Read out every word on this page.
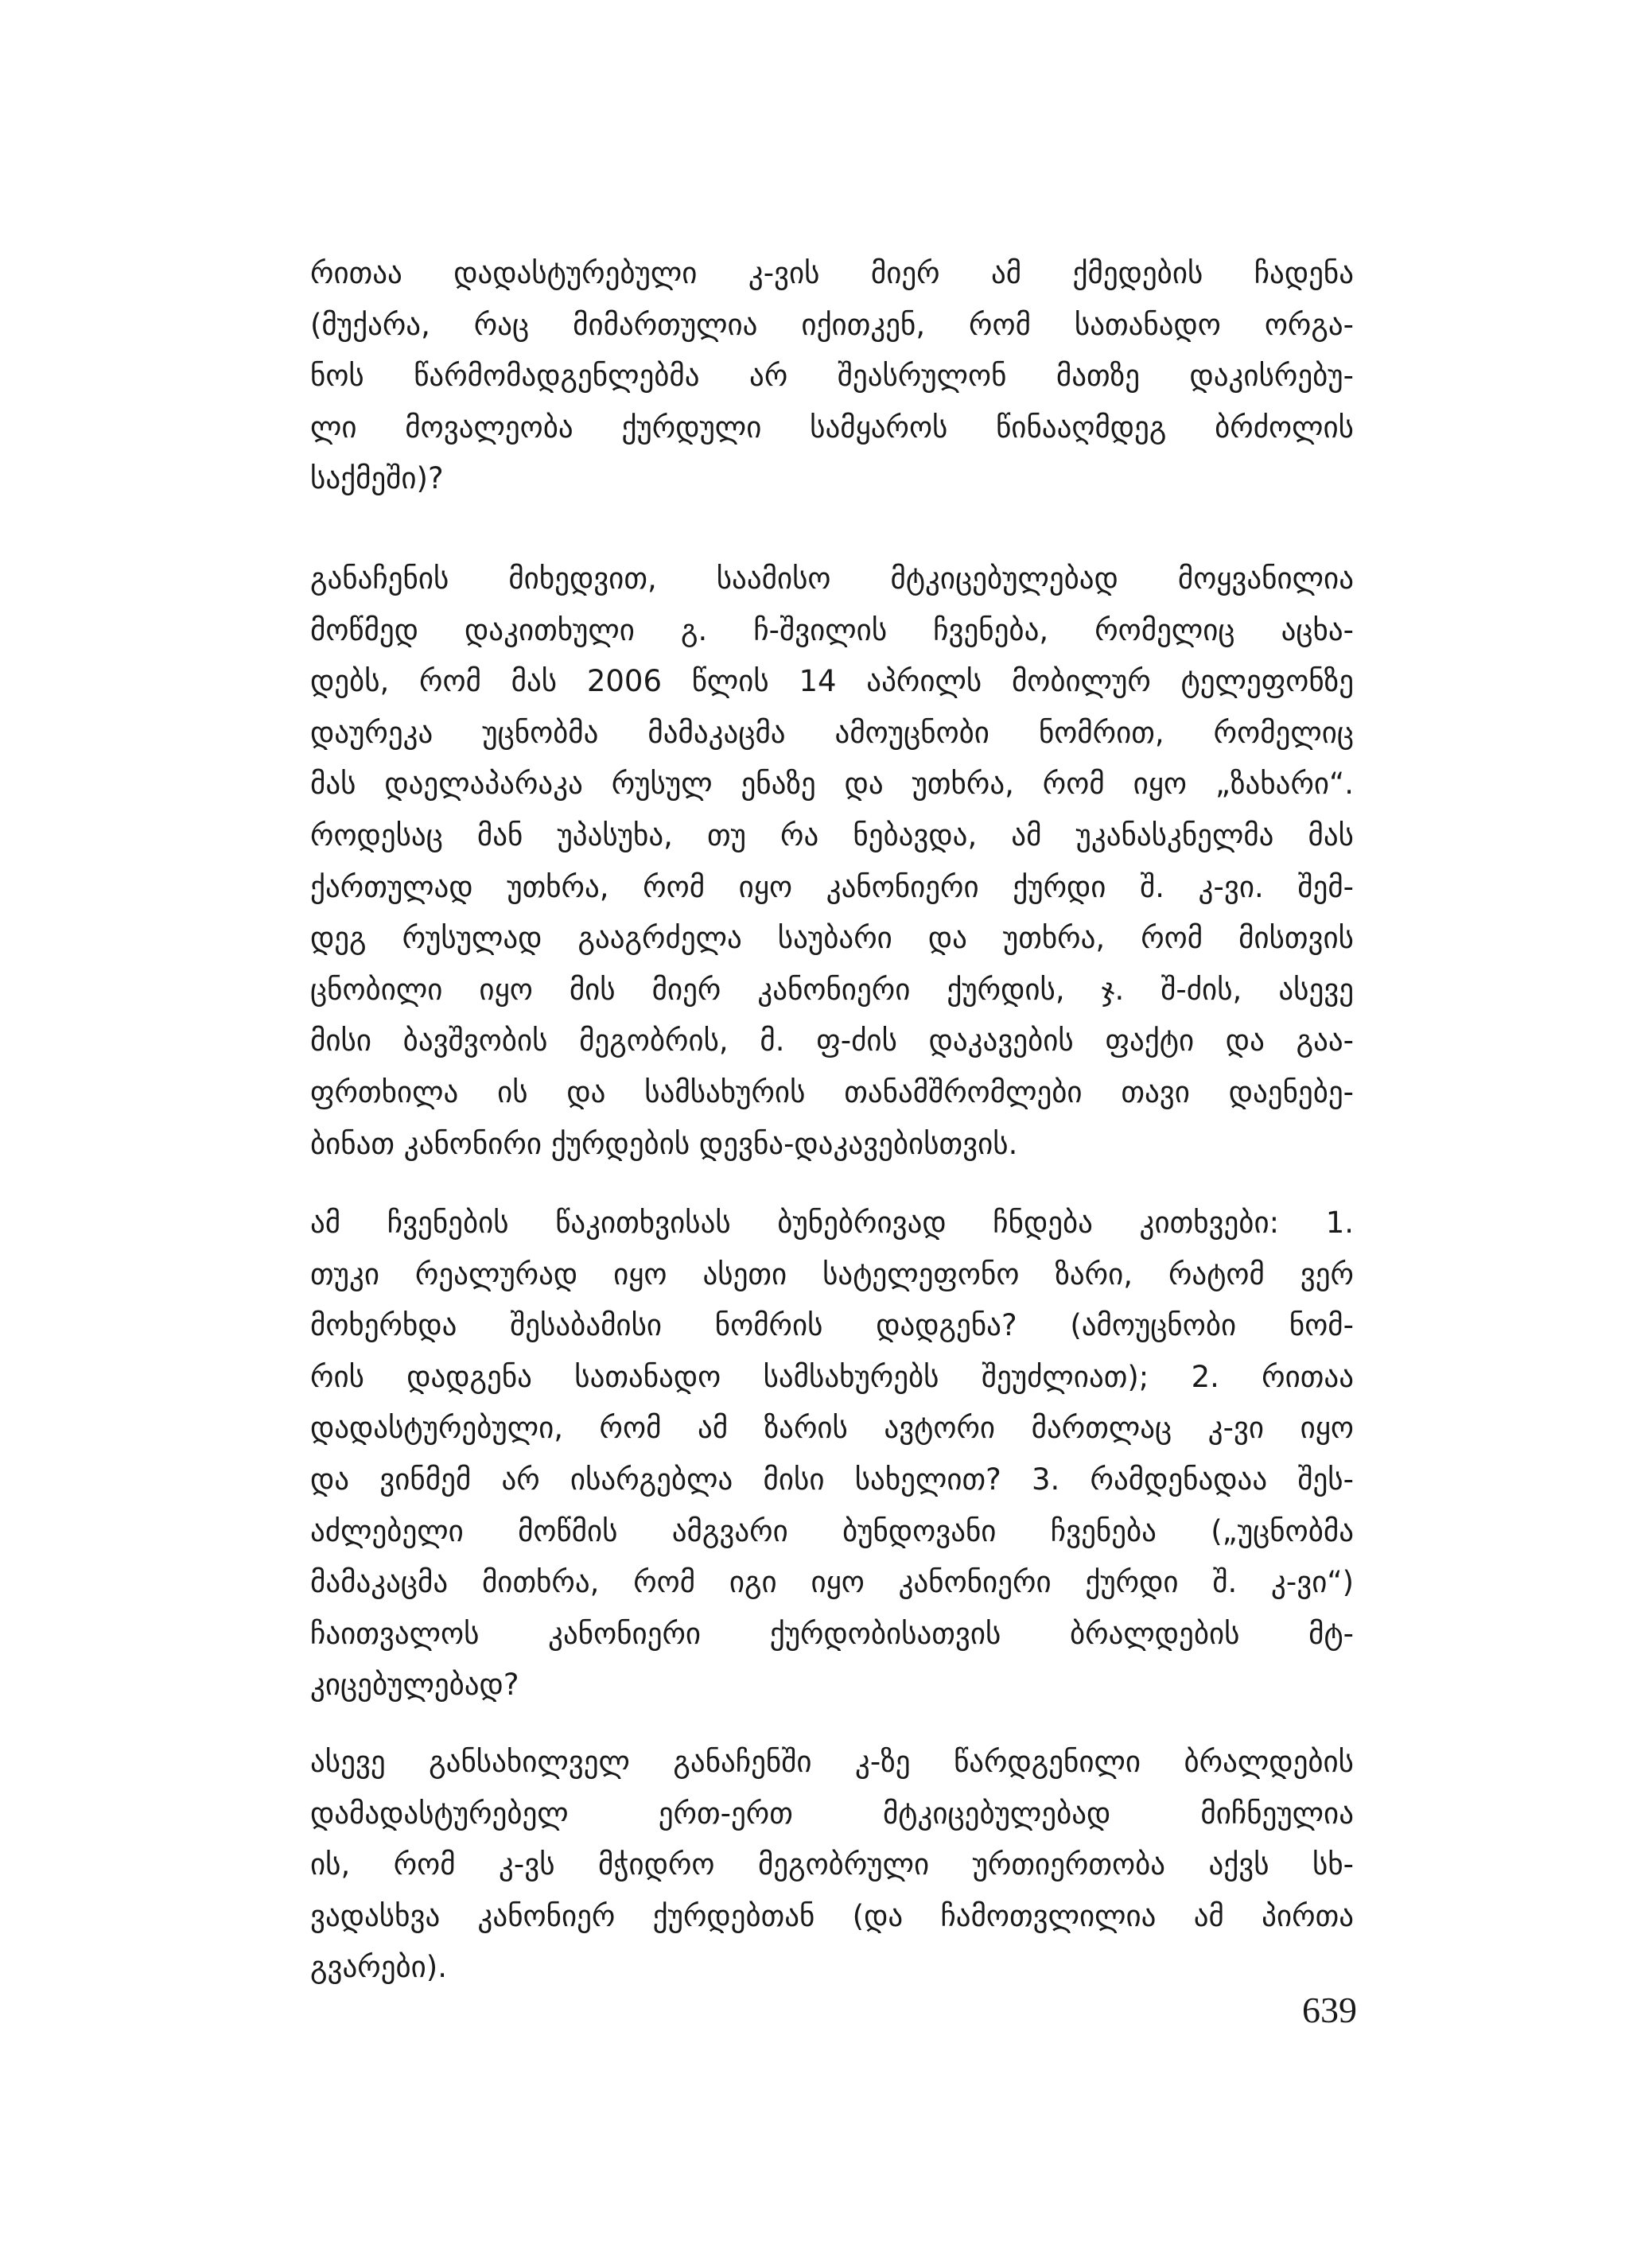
რითაა დადასტურებული კ-ვის მიერ ამ ქმედების ჩადენა
(მუქარა, რაც მიმართულია იქითკენ, რომ სათანადო ორგა-
ნოს წარმომადგენლებმა არ შეასრულონ მათზე დაკისრებუ-
ლი მოვალეობა ქურდული სამყაროს წინააღმდეგ ბრძოლის
საქმეში)?
განაჩენის მიხედვით, საამისო მტკიცებულებად მოყვანილია
მოწმედ დაკითხული გ. ჩ-შვილის ჩვენება, რომელიც აცხა-
დებს, რომ მას 2006 წლის 14 აპრილს მობილურ ტელეფონზე
დაურეკა უცნობმა მამაკაცმა ამოუცნობი ნომრით, რომელიც
მას დაელაპარაკა რუსულ ენაზე და უთხრა, რომ იყო „ზახარი“.
როდესაც მან უპასუხა, თუ რა ნებავდა, ამ უკანასკნელმა მას
ქართულად უთხრა, რომ იყო კანონიერი ქურდი შ. კ-ვი. შემ-
დეგ რუსულად გააგრძელა საუბარი და უთხრა, რომ მისთვის
ცნობილი იყო მის მიერ კანონიერი ქურდის, ჯ. შ-ძის, ასევე
მისი ბავშვობის მეგობრის, მ. ფ-ძის დაკავების ფაქტი და გაა-
ფრთხილა ის და სამსახურის თანამშრომლები თავი დაენებე-
ბინათ კანონირი ქურდების დევნა-დაკავებისთვის.
ამ ჩვენების წაკითხვისას ბუნებრივად ჩნდება კითხვები: 1.
თუკი რეალურად იყო ასეთი სატელეფონო ზარი, რატომ ვერ
მოხერხდა შესაბამისი ნომრის დადგენა? (ამოუცნობი ნომ-
რის დადგენა სათანადო სამსახურებს შეუძლიათ); 2. რითაა
დადასტურებული, რომ ამ ზარის ავტორი მართლაც კ-ვი იყო
და ვინმემ არ ისარგებლა მისი სახელით? 3. რამდენადაა შეს-
აძლებელი მოწმის ამგვარი ბუნდოვანი ჩვენება („უცნობმა
მამაკაცმა მითხრა, რომ იგი იყო კანონიერი ქურდი შ. კ-ვი“)
ჩაითვალოს კანონიერი ქურდობისათვის ბრალდების მტ-
კიცებულებად?
ასევე განსახილველ განაჩენში კ-ზე წარდგენილი ბრალდების
დამადასტურებელ ერთ-ერთ მტკიცებულებად მიჩნეულია
ის, რომ კ-ვს მჭიდრო მეგობრული ურთიერთობა აქვს სხ-
ვადასხვა კანონიერ ქურდებთან (და ჩამოთვლილია ამ პირთა
გვარები).
639
